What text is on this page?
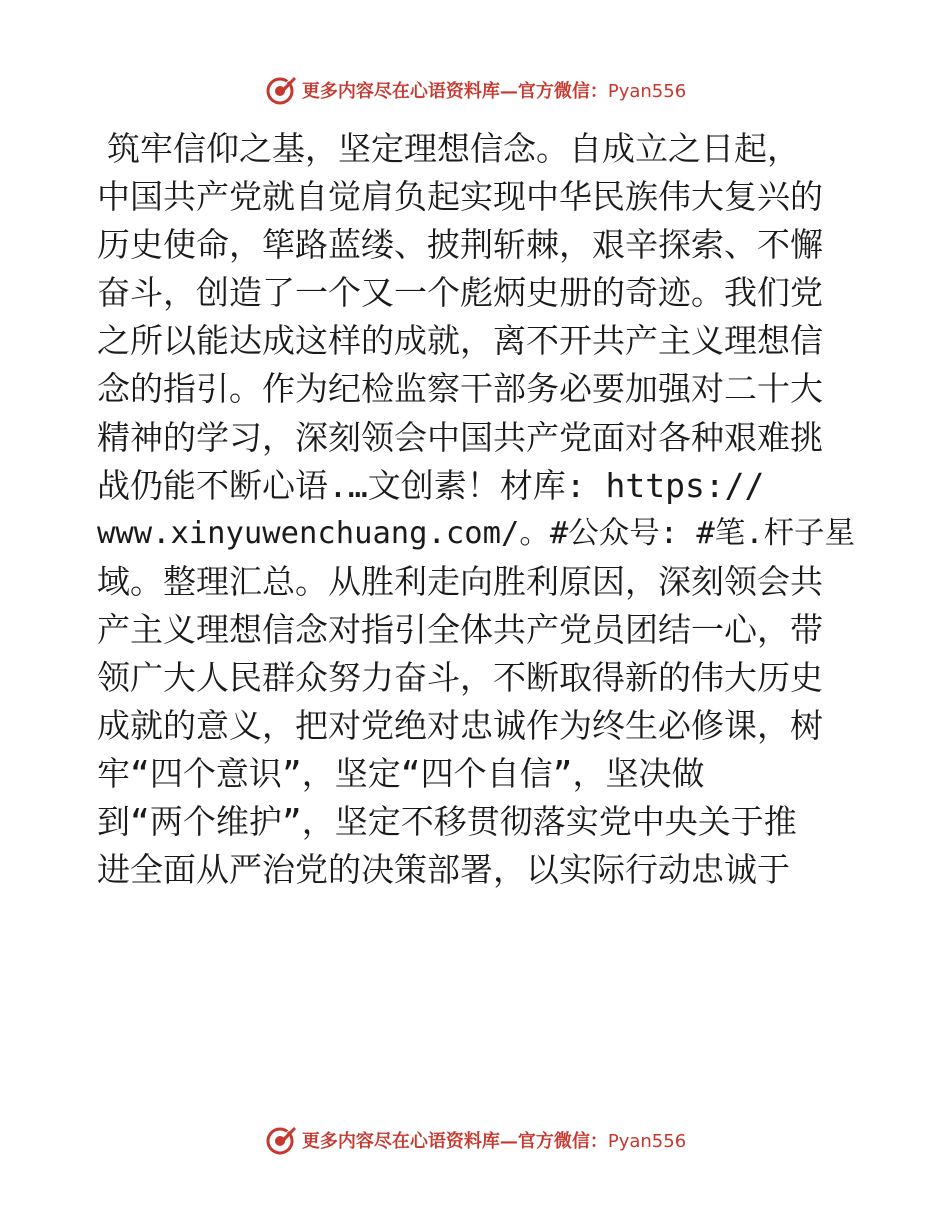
更多内容尽在心语资料库—官方微信：Pyan556
筑牢信仰之基，坚定理想信念。自成立之日起，
中国共产党就自觉肩负起实现中华民族伟大复兴的
历史使命，筚路蓝缕、披荆斩棘，艰辛探索、不懈
奋斗，创造了一个又一个彪炳史册的奇迹。我们党
之所以能达成这样的成就，离不开共产主义理想信
念的指引。作为纪检监察干部务必要加强对二十大
精神的学习，深刻领会中国共产党面对各种艰难挑
战仍能不断心语.…文创素！材库: https://
www.xinyuwenchuang.com/。#公众号: #笔.杆子星
域。整理汇总。从胜利走向胜利原因，深刻领会共
产主义理想信念对指引全体共产党员团结一心，带
领广大人民群众努力奋斗，不断取得新的伟大历史
成就的意义，把对党绝对忠诚作为终生必修课，树
牢“四个意识”，坚定“四个自信”，坚决做
到“两个维护”，坚定不移贯彻落实党中央关于推
进全面从严治党的决策部署，以实际行动忠诚于
更多内容尽在心语资料库—官方微信：Pyan556
